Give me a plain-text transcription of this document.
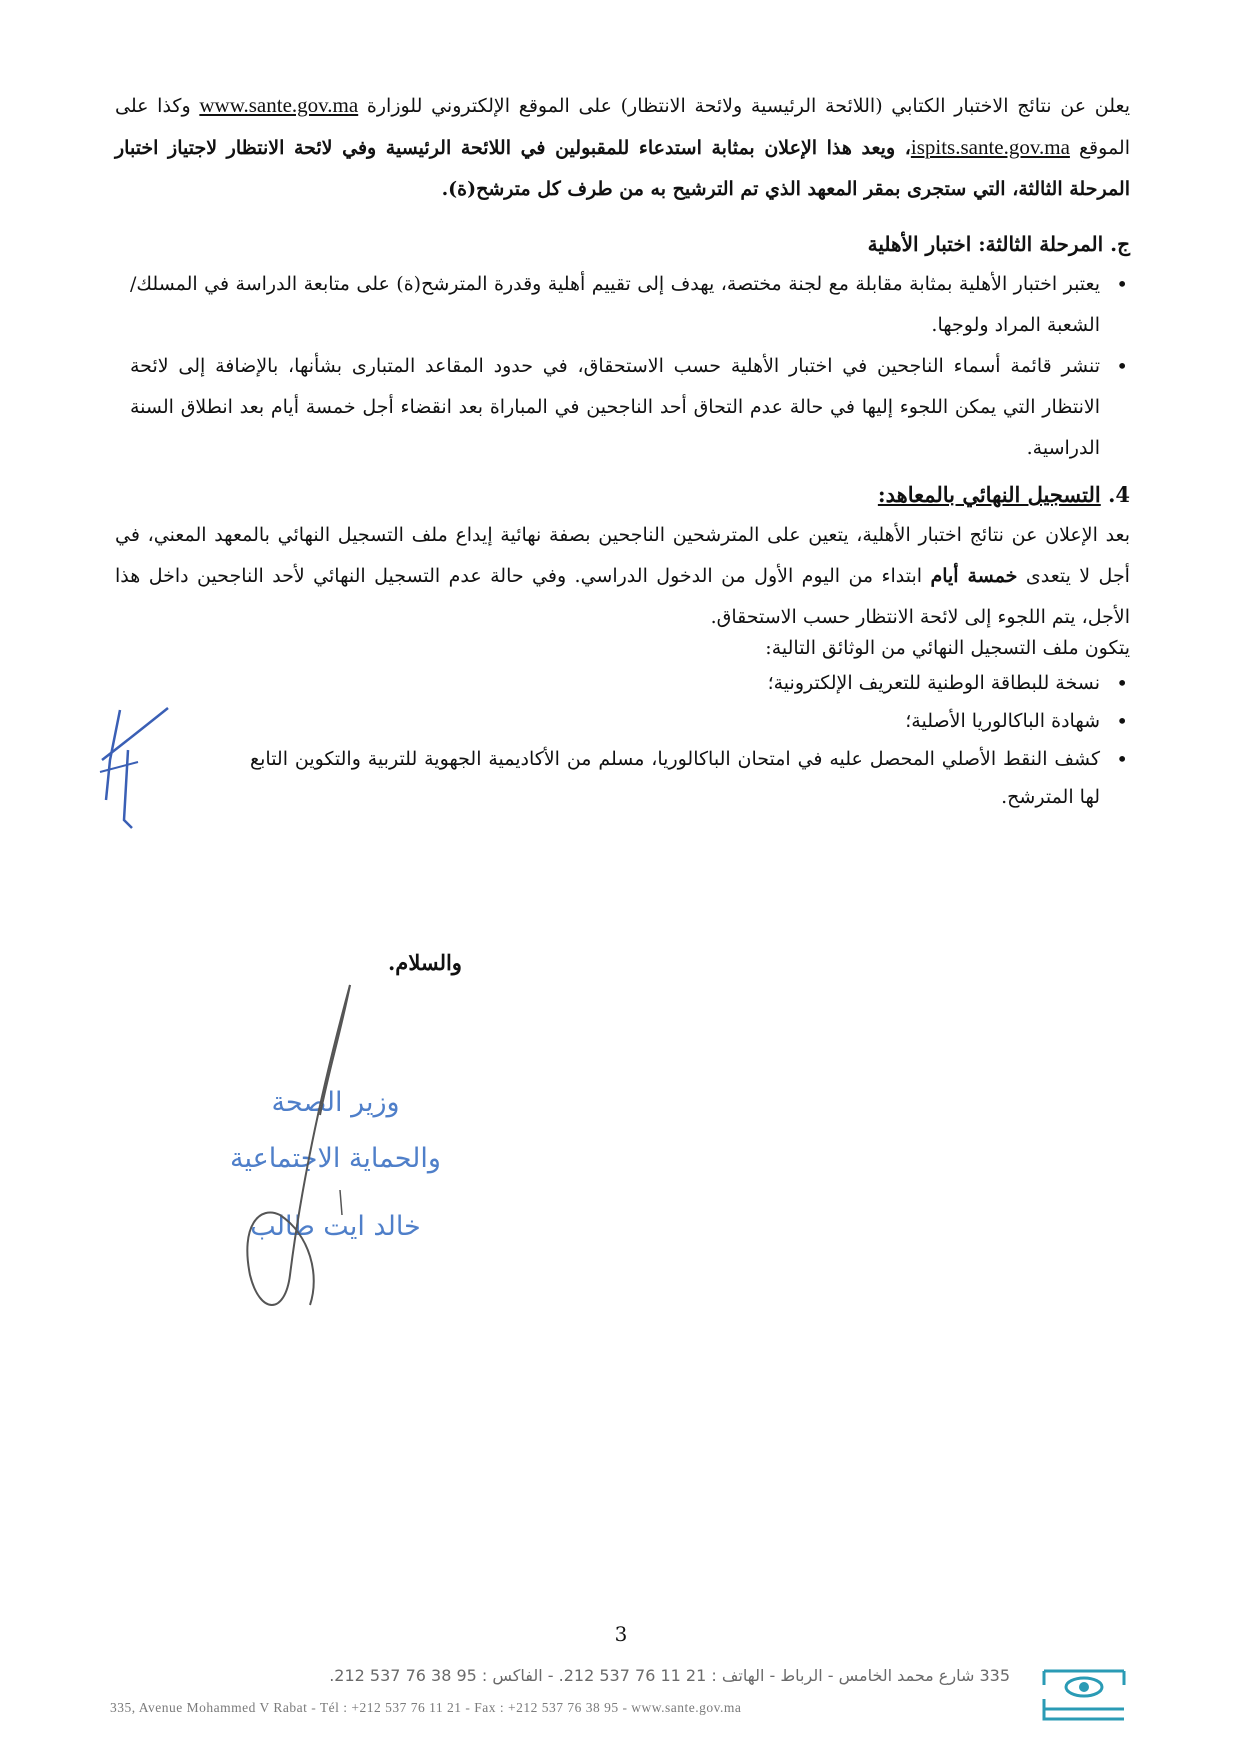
يعلن عن نتائج الاختبار الكتابي (اللائحة الرئيسية ولائحة الانتظار) على الموقع الإلكتروني للوزارة www.sante.gov.ma وكذا على الموقع ispits.sante.gov.ma، ويعد هذا الإعلان بمثابة استدعاء للمقبولين في اللائحة الرئيسية وفي لائحة الانتظار لاجتياز اختبار المرحلة الثالثة، التي ستجرى بمقر المعهد الذي تم الترشيح به من طرف كل مترشح(ة).

ج. المرحلة الثالثة: اختبار الأهلية
• يعتبر اختبار الأهلية بمثابة مقابلة مع لجنة مختصة، يهدف إلى تقييم أهلية وقدرة المترشح(ة) على متابعة الدراسة في المسلك/الشعبة المراد ولوجها.
• تنشر قائمة أسماء الناجحين في اختبار الأهلية حسب الاستحقاق، في حدود المقاعد المتبارى بشأنها، بالإضافة إلى لائحة الانتظار التي يمكن اللجوء إليها في حالة عدم التحاق أحد الناجحين في المباراة بعد انقضاء أجل خمسة أيام بعد انطلاق السنة الدراسية.
4. التسجيل النهائي بالمعاهد:

بعد الإعلان عن نتائج اختبار الأهلية، يتعين على المترشحين الناجحين بصفة نهائية إيداع ملف التسجيل النهائي بالمعهد المعني، في أجل لا يتعدى خمسة أيام ابتداء من اليوم الأول من الدخول الدراسي. وفي حالة عدم التسجيل النهائي لأحد الناجحين داخل هذا الأجل، يتم اللجوء إلى لائحة الانتظار حسب الاستحقاق.

يتكون ملف التسجيل النهائي من الوثائق التالية:
• نسخة للبطاقة الوطنية للتعريف الإلكترونية؛
• شهادة الباكالوريا الأصلية؛
• كشف النقط الأصلي المحصل عليه في امتحان الباكالوريا، مسلم من الأكاديمية الجهوية للتربية والتكوين التابع لها المترشح.
والسلام.
وزير الصحة
والحماية الاجتماعية
خالد ايت طالب
3
335 شارع محمد الخامس - الرباط - الهاتف : 21 11 76 537 212. - الفاكس : 95 38 76 537 212.
335, Avenue Mohammed V Rabat - Tél : +212 537 76 11 21 - Fax : +212 537 76 38 95 - www.sante.gov.ma
